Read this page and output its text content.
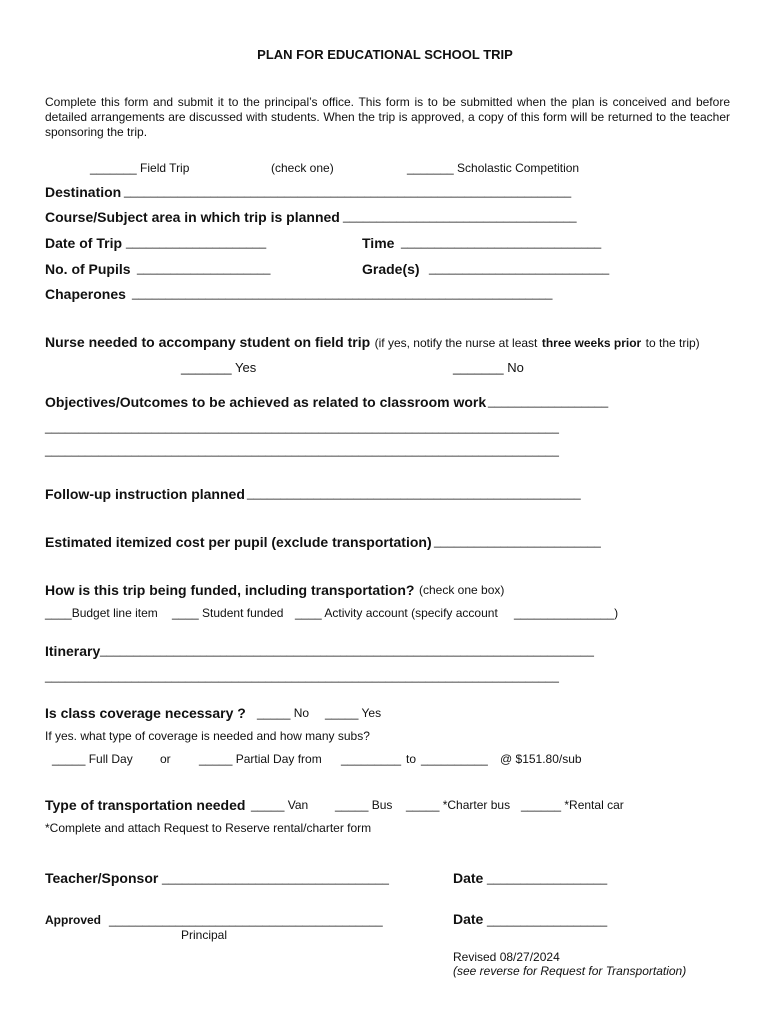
PLAN FOR EDUCATIONAL SCHOOL TRIP
Complete this form and submit it to the principal’s office. This form is to be submitted when the plan is conceived and before detailed arrangements are discussed with students. When the trip is approved, a copy of this form will be returned to the teacher sponsoring the trip.
_______ Field Trip	(check one)	_______ Scholastic Competition
Destination ___________________________________________________________________
Course/Subject area in which trip is planned ___________________________________
Date of Trip _____________________	Time ______________________________
No. of Pupils ____________________	Grade(s) ___________________________
Chaperones _______________________________________________________________
Nurse needed to accompany student on field trip (if yes, notify the nurse at least three weeks prior to the trip)
_______ Yes	_______ No
Objectives/Outcomes to be achieved as related to classroom work __________________
_____________________________________________________________________________
_____________________________________________________________________________
Follow-up instruction planned __________________________________________________
Estimated itemized cost per pupil (exclude transportation) _________________________
How is this trip being funded, including transportation? (check one box)
____Budget line item ____ Student funded ____ Activity account (specify account _______________)
Itinerary __________________________________________________________________________
_____________________________________________________________________________
Is class coverage necessary ? _____ No _____ Yes
If yes. what type of coverage is needed and how many subs?
_____ Full Day or _____ Partial Day from _________ to __________ @ $151.80/sub
Type of transportation needed _____ Van _____ Bus _____ *Charter bus ______ *Rental car
*Complete and attach Request to Reserve rental/charter form
Teacher/Sponsor __________________________________	Date __________________
Approved _________________________________________
Principal
Date __________________
Revised 08/27/2024
(see reverse for Request for Transportation)
